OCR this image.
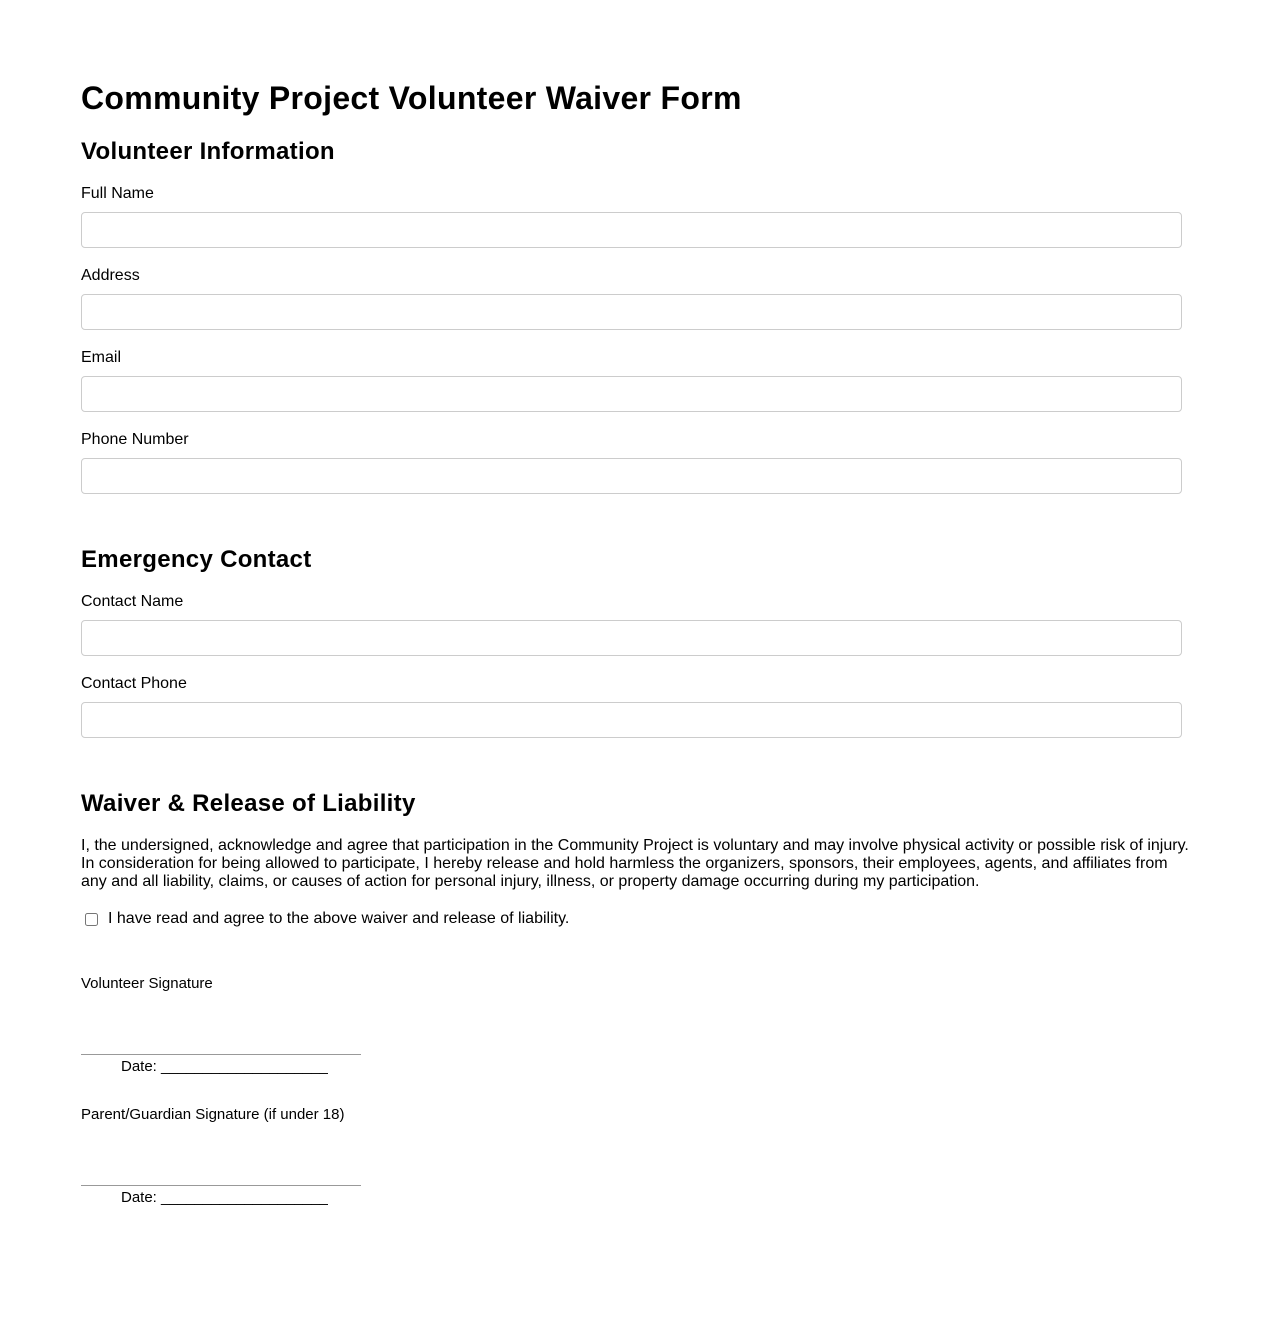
Community Project Volunteer Waiver Form
Volunteer Information
Full Name
Address
Email
Phone Number
Emergency Contact
Contact Name
Contact Phone
Waiver & Release of Liability
I, the undersigned, acknowledge and agree that participation in the Community Project is voluntary and may involve physical activity or possible risk of injury. In consideration for being allowed to participate, I hereby release and hold harmless the organizers, sponsors, their employees, agents, and affiliates from any and all liability, claims, or causes of action for personal injury, illness, or property damage occurring during my participation.
I have read and agree to the above waiver and release of liability.
Volunteer Signature
Date: ____________________
Parent/Guardian Signature (if under 18)
Date: ____________________
